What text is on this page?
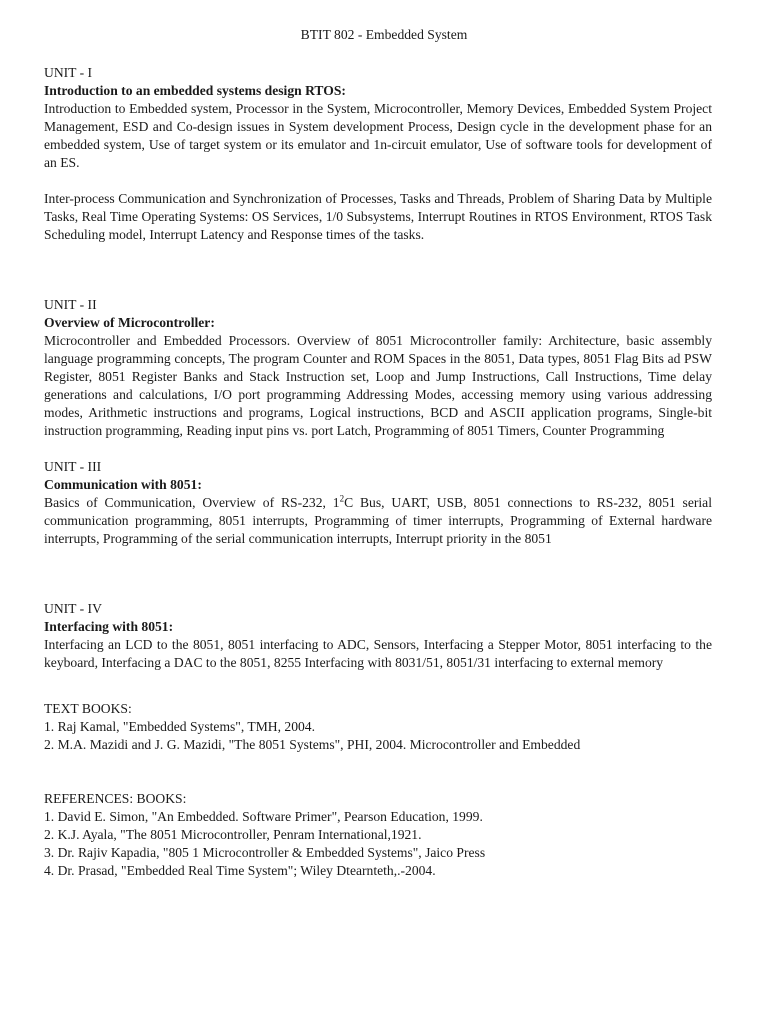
BTIT 802 - Embedded System
UNIT - I
Introduction to an embedded systems design RTOS:
Introduction to Embedded system, Processor in the System, Microcontroller, Memory Devices, Embedded System Project Management, ESD and Co-design issues in System development Process, Design cycle in the development phase for an embedded system, Use of target system or its emulator and 1n-circuit emulator, Use of software tools for development of an ES.
Inter-process Communication and Synchronization of Processes, Tasks and Threads, Problem of Sharing Data by Multiple Tasks, Real Time Operating Systems: OS Services, 1/0 Subsystems, Interrupt Routines in RTOS Environment, RTOS Task Scheduling model, Interrupt Latency and Response times of the tasks.
UNIT - II
Overview of Microcontroller:
Microcontroller and Embedded Processors. Overview of 8051 Microcontroller family: Architecture, basic assembly language programming concepts, The program Counter and ROM Spaces in the 8051, Data types, 8051 Flag Bits ad PSW Register, 8051 Register Banks and Stack Instruction set, Loop and Jump Instructions, Call Instructions, Time delay generations and calculations, I/O port programming Addressing Modes, accessing memory using various addressing modes, Arithmetic instructions and programs, Logical instructions, BCD and ASCII application programs, Single-bit instruction programming, Reading input pins vs. port Latch, Programming of 8051 Timers, Counter Programming
UNIT - III
Communication with 8051:
Basics of Communication, Overview of RS-232, $1^2C$ Bus, UART, USB, 8051 connections to RS-232, 8051 serial communication programming, 8051 interrupts, Programming of timer interrupts, Programming of External hardware interrupts, Programming of the serial communication interrupts, Interrupt priority in the 8051
UNIT - IV
Interfacing with 8051:
Interfacing an LCD to the 8051, 8051 interfacing to ADC, Sensors, Interfacing a Stepper Motor, 8051 interfacing to the keyboard, Interfacing a DAC to the 8051, 8255 Interfacing with 8031/51, 8051/31 interfacing to external memory
TEXT BOOKS:
1. Raj Kamal, "Embedded Systems", TMH, 2004.
2. M.A. Mazidi and J. G. Mazidi, "The 8051 Systems", PHI, 2004. Microcontroller and Embedded
REFERENCES: BOOKS:
1. David E. Simon, "An Embedded. Software Primer", Pearson Education, 1999.
2. K.J. Ayala, "The 8051 Microcontroller, Penram International,1921.
3. Dr. Rajiv Kapadia, "805 1 Microcontroller & Embedded Systems", Jaico Press
4. Dr. Prasad, "Embedded Real Time System"; Wiley Dtearnteth,.-2004.
